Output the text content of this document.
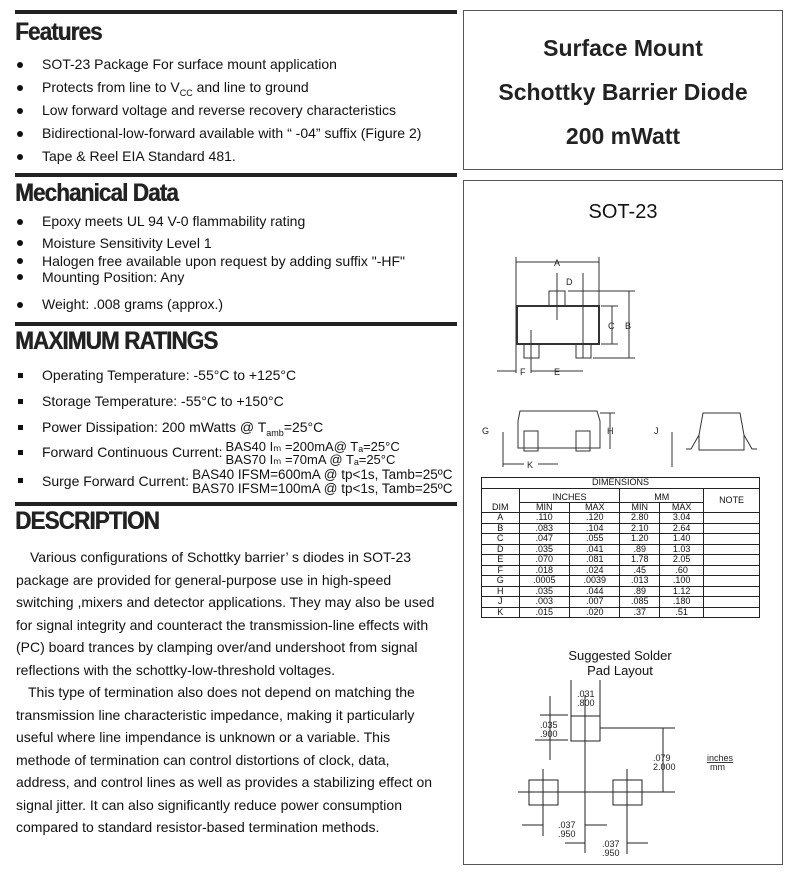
Features
SOT-23 Package For surface mount application
Protects from line to $V_{CC}$ and line to ground
Low forward voltage and reverse recovery characteristics
Bidirectional-low-forward available with “ -04” suffix (Figure 2)
Tape & Reel EIA Standard 481.
Mechanical Data
Epoxy meets UL 94 V-0 flammability rating
Moisture Sensitivity Level 1
Halogen free available upon request by adding suffix "-HF"
Mounting Position: Any
Weight: .008 grams (approx.)
MAXIMUM RATINGS
Operating Temperature: -55°C to +125°C
Storage Temperature: -55°C to +150°C
Power Dissipation: 200 mWatts @ $T_{amb}=25^\circ C$
Forward Continuous Current: BAS40 Iₘ =200mA@ Tₐ=25°C
BAS70 Iₘ =70mA @ Tₐ=25°C
Surge Forward Current: BAS40 IFSM=600mA @ tp<1s, Tamb=25ºC
BAS70 IFSM=100mA @ tp<1s, Tamb=25ºC
DESCRIPTION

Various configurations of Schottky barrier’ s diodes in SOT-23 package are provided for general-purpose use in high-speed switching ,mixers and detector applications. They may also be used for signal integrity and counteract the transmission-line effects with (PC) board trances by clamping over/and undershoot from signal reflections with the schottky-low-threshold voltages.

This type of termination also does not depend on matching the transmission line characteristic impedance, making it particularly useful where line impendance is unknown or a variable. This methode of termination can control distortions of clock, data, address, and control lines as well as provides a stabilizing effect on signal jitter. It can also significantly reduce power consumption compared to standard resistor-based termination methods.

Surface Mount
Schottky Barrier Diode
200 mWatt
SOT-23
A
D
C B
F	E
G	H
K
J
DIMENSIONS					
	INCHES		MM		NOTE
DIM	MIN	MAX	MIN	MAX	
A	.110	.120	2.80	3.04	
B	.083	.104	2.10	2.64	
C	.047	.055	1.20	1.40	
D	.035	.041	.89	1.03	
E	.070	.081	1.78	2.05	
F	.018	.024	.45	.60	
G	.0005	.0039	.013	.100	
H	.035	.044	.89	1.12	
J	.003	.007	.085	.180	
K	.015	.020	.37	.51	
Suggested Solder
Pad Layout
.031
.800
.035
.900
.079
2.000
inches
mm
.037
.950
.037
.950
